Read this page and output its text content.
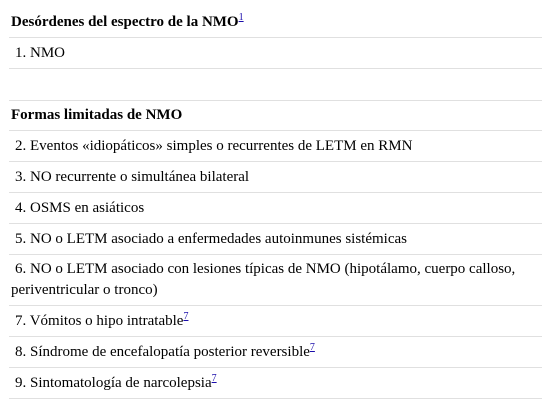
Desórdenes del espectro de la NMO$^1$
1. NMO

Formas limitadas de NMO
2. Eventos «idiopáticos» simples o recurrentes de LETM en RMN
3. NO recurrente o simultánea bilateral
4. OSMS en asiáticos
5. NO o LETM asociado a enfermedades autoinmunes sistémicas
6. NO o LETM asociado con lesiones típicas de NMO (hipotálamo, cuerpo calloso, periventricular o tronco)
7. Vómitos o hipo intratable$^7$
8. Síndrome de encefalopatía posterior reversible$^7$
9. Sintomatología de narcolepsia$^7$
